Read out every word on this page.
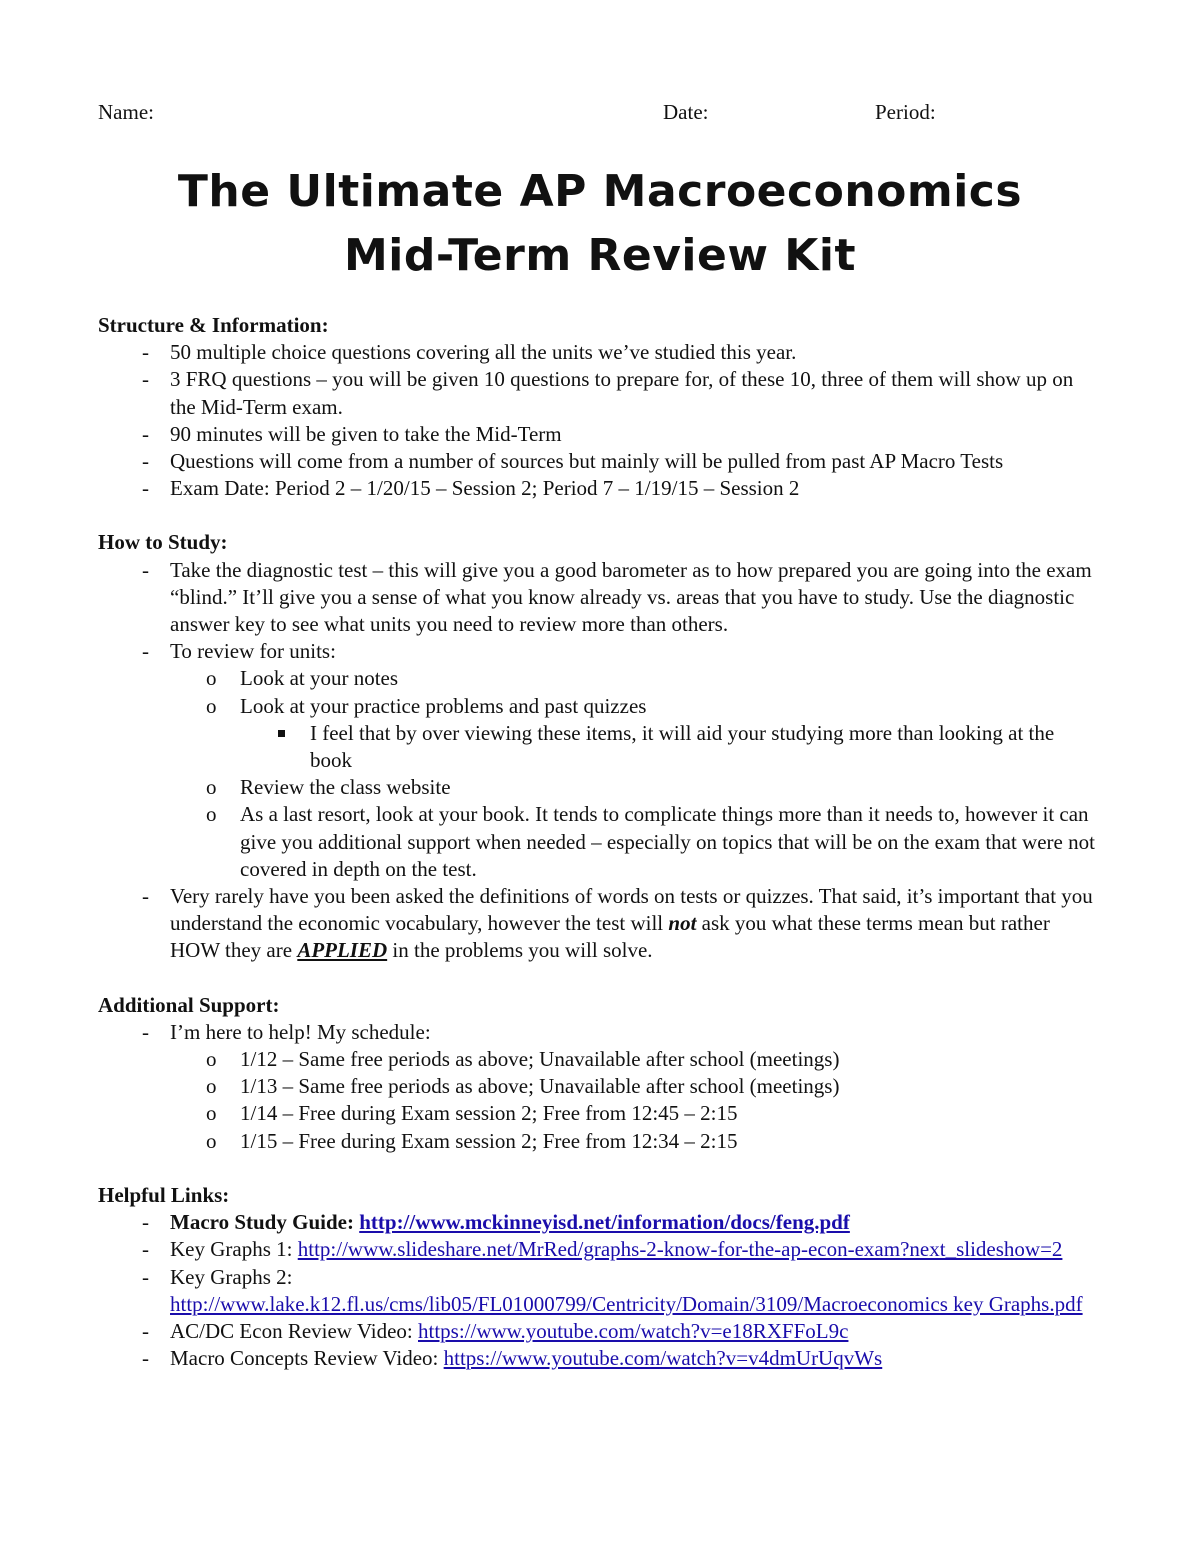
Name:	Date:	Period:
The Ultimate AP Macroeconomics
Mid-Term Review Kit

Structure & Information:

- 50 multiple choice questions covering all the units we’ve studied this year.
- 3 FRQ questions – you will be given 10 questions to prepare for, of these 10, three of them will show up on the Mid-Term exam.
- 90 minutes will be given to take the Mid-Term
- Questions will come from a number of sources but mainly will be pulled from past AP Macro Tests
- Exam Date: Period 2 – 1/20/15 – Session 2; Period 7 – 1/19/15 – Session 2

How to Study:

- Take the diagnostic test – this will give you a good barometer as to how prepared you are going into the exam “blind.” It’ll give you a sense of what you know already vs. areas that you have to study. Use the diagnostic answer key to see what units you need to review more than others.
- To review for units:
o Look at your notes
o Look at your practice problems and past quizzes
I feel that by over viewing these items, it will aid your studying more than looking at the book
o Review the class website
o As a last resort, look at your book. It tends to complicate things more than it needs to, however it can give you additional support when needed – especially on topics that will be on the exam that were not covered in depth on the test.
- Very rarely have you been asked the definitions of words on tests or quizzes. That said, it’s important that you understand the economic vocabulary, however the test will not ask you what these terms mean but rather HOW they are APPLIED in the problems you will solve.

Additional Support:

- I’m here to help! My schedule:
o 1/12 – Same free periods as above; Unavailable after school (meetings)
o 1/13 – Same free periods as above; Unavailable after school (meetings)
o 1/14 – Free during Exam session 2; Free from 12:45 – 2:15
o 1/15 – Free during Exam session 2; Free from 12:34 – 2:15

Helpful Links:

- Macro Study Guide: http://www.mckinneyisd.net/information/docs/feng.pdf
- Key Graphs 1: http://www.slideshare.net/MrRed/graphs-2-know-for-the-ap-econ-exam?next_slideshow=2
- Key Graphs 2:
http://www.lake.k12.fl.us/cms/lib05/FL01000799/Centricity/Domain/3109/Macroeconomics key Graphs.pdf
- AC/DC Econ Review Video: https://www.youtube.com/watch?v=e18RXFFoL9c
- Macro Concepts Review Video: https://www.youtube.com/watch?v=v4dmUrUqvWs
